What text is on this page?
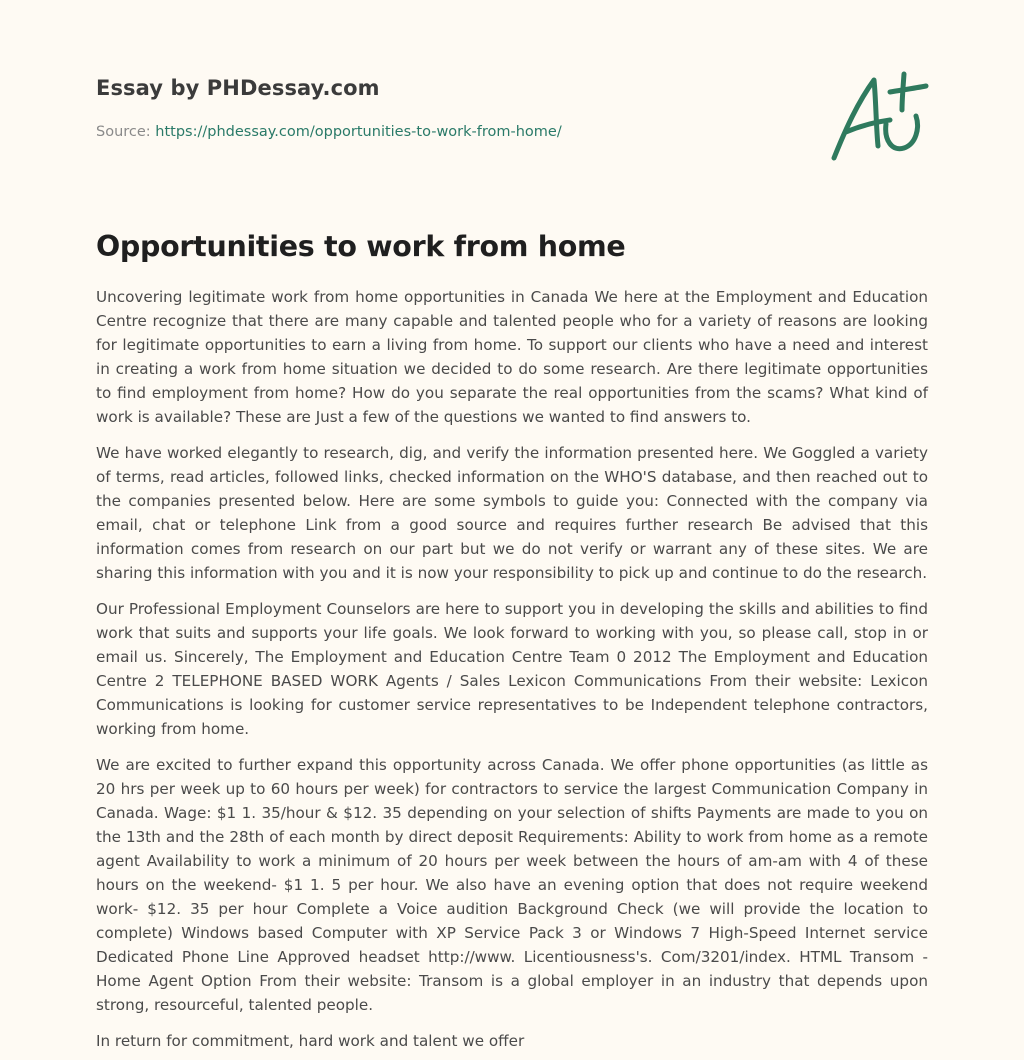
Essay by PHDessay.com
Source: https://phdessay.com/opportunities-to-work-from-home/
Opportunities to work from home

Uncovering legitimate work from home opportunities in Canada We here at the Employment and Education Centre recognize that there are many capable and talented people who for a variety of reasons are looking for legitimate opportunities to earn a living from home. To support our clients who have a need and interest in creating a work from home situation we decided to do some research. Are there legitimate opportunities to find employment from home? How do you separate the real opportunities from the scams? What kind of work is available? These are Just a few of the questions we wanted to find answers to.

We have worked elegantly to research, dig, and verify the information presented here. We Goggled a variety of terms, read articles, followed links, checked information on the WHO'S database, and then reached out to the companies presented below. Here are some symbols to guide you: Connected with the company via email, chat or telephone Link from a good source and requires further research Be advised that this information comes from research on our part but we do not verify or warrant any of these sites. We are sharing this information with you and it is now your responsibility to pick up and continue to do the research.

Our Professional Employment Counselors are here to support you in developing the skills and abilities to find work that suits and supports your life goals. We look forward to working with you, so please call, stop in or email us. Sincerely, The Employment and Education Centre Team 0 2012 The Employment and Education Centre 2 TELEPHONE BASED WORK Agents / Sales Lexicon Communications From their website: Lexicon Communications is looking for customer service representatives to be Independent telephone contractors, working from home.

We are excited to further expand this opportunity across Canada. We offer phone opportunities (as little as 20 hrs per week up to 60 hours per week) for contractors to service the largest Communication Company in Canada. Wage: $1 1. 35/hour & $12. 35 depending on your selection of shifts Payments are made to you on the 13th and the 28th of each month by direct deposit Requirements: Ability to work from home as a remote agent Availability to work a minimum of 20 hours per week between the hours of am-am with 4 of these hours on the weekend- $1 1. 5 per hour. We also have an evening option that does not require weekend work- $12. 35 per hour Complete a Voice audition Background Check (we will provide the location to complete) Windows based Computer with XP Service Pack 3 or Windows 7 High-Speed Internet service Dedicated Phone Line Approved headset http://www. Licentiousness's. Com/3201/index. HTML Transom - Home Agent Option From their website: Transom is a global employer in an industry that depends upon strong, resourceful, talented people.

In return for commitment, hard work and talent we offer
